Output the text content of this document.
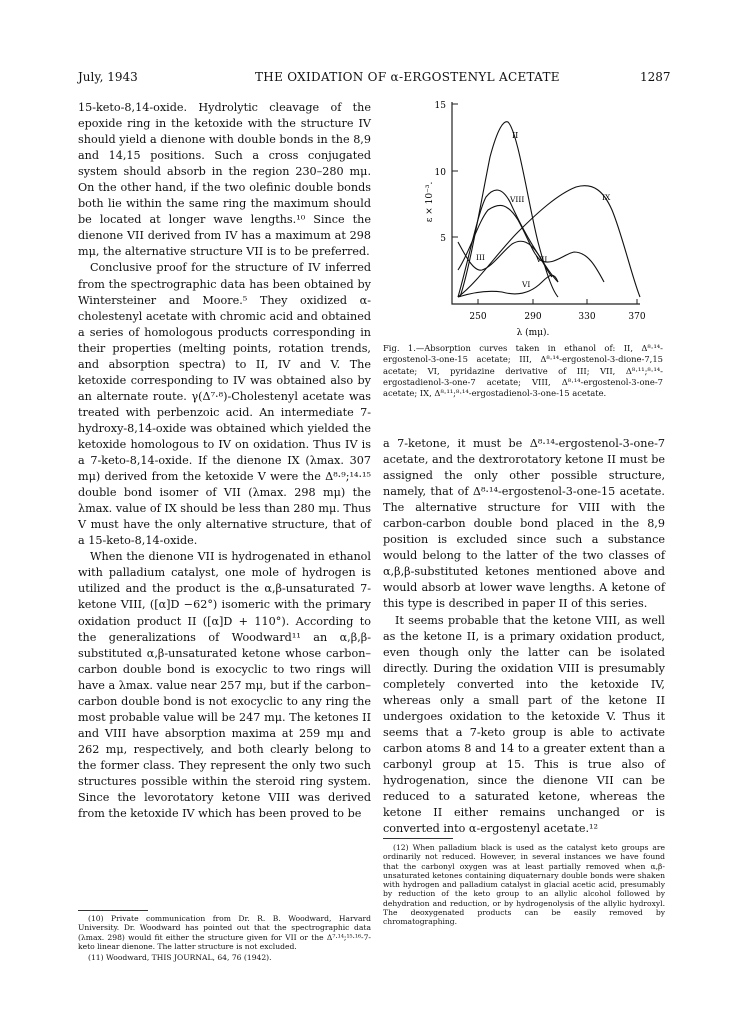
July, 1943	THE OXIDATION OF α-ERGOSTENYL ACETATE	1287

15-keto-8,14-oxide. Hydrolytic cleavage of the epoxide ring in the ketoxide with the structure IV should yield a dienone with double bonds in the 8,9 and 14,15 positions. Such a cross conjugated system should absorb in the region 230–280 mμ. On the other hand, if the two olefinic double bonds both lie within the same ring the maximum should be located at longer wave lengths.¹⁰ Since the dienone VII derived from IV has a maximum at 298 mμ, the alternative structure VII is to be preferred.

Conclusive proof for the structure of IV inferred from the spectrographic data has been obtained by Wintersteiner and Moore.⁵ They oxidized α-cholestenyl acetate with chromic acid and obtained a series of homologous products corresponding in their properties (melting points, rotation trends, and absorption spectra) to II, IV and V. The ketoxide corresponding to IV was obtained also by an alternate route. γ(Δ⁷·⁸)-Cholestenyl acetate was treated with perbenzoic acid. An intermediate 7-hydroxy-8,14-oxide was obtained which yielded the ketoxide homologous to IV on oxidation. Thus IV is a 7-keto-8,14-oxide. If the dienone IX (λmax. 307 mμ) derived from the ketoxide V were the Δ⁸·⁹;¹⁴·¹⁵ double bond isomer of VII (λmax. 298 mμ) the λmax. value of IX should be less than 280 mμ. Thus V must have the only alternative structure, that of a 15-keto-8,14-oxide.

When the dienone VII is hydrogenated in ethanol with palladium catalyst, one mole of hydrogen is utilized and the product is the α,β-unsaturated 7-ketone VIII, ([α]D −62°) isomeric with the primary oxidation product II ([α]D + 110°). According to the generalizations of Woodward¹¹ an α,β,β-substituted α,β-unsaturated ketone whose carbon–carbon double bond is exocyclic to two rings will have a λmax. value near 257 mμ, but if the carbon–carbon double bond is not exocyclic to any ring the most probable value will be 247 mμ. The ketones II and VIII have absorption maxima at 259 mμ and 262 mμ, respectively, and both clearly belong to the former class. They represent the only two such structures possible within the steroid ring system. Since the levorotatory ketone VIII was derived from the ketoxide IV which has been proved to be

(10) Private communication from Dr. R. B. Woodward, Harvard University. Dr. Woodward has pointed out that the spectrographic data (λmax. 298) would fit either the structure given for VII or the Δ⁷·¹⁴;¹⁵·¹⁶-7-keto linear dienone. The latter structure is not excluded.

(11) Woodward, THIS JOURNAL, 64, 76 (1942).

15
10
5
250	290	330	370
λ (mμ).
ε × 10⁻³.
II
VIII	IX
III	VII
VI
Fig. 1.—Absorption curves taken in ethanol of: II, Δ⁸·¹⁴-ergostenol-3-one-15 acetate; III, Δ⁸·¹⁴-ergostenol-3-dione-7,15 acetate; VI, pyridazine derivative of III; VII, Δ⁸·¹¹;⁸·¹⁴-ergostadienol-3-one-7 acetate; VIII, Δ⁸·¹⁴-ergostenol-3-one-7 acetate; IX, Δ⁸·¹¹;⁸·¹⁴-ergostadienol-3-one-15 acetate.

a 7-ketone, it must be Δ⁸·¹⁴-ergostenol-3-one-7 acetate, and the dextrorotatory ketone II must be assigned the only other possible structure, namely, that of Δ⁸·¹⁴-ergostenol-3-one-15 acetate. The alternative structure for VIII with the carbon-carbon double bond placed in the 8,9 position is excluded since such a substance would belong to the latter of the two classes of α,β,β-substituted ketones mentioned above and would absorb at lower wave lengths. A ketone of this type is described in paper II of this series.

It seems probable that the ketone VIII, as well as the ketone II, is a primary oxidation product, even though only the latter can be isolated directly. During the oxidation VIII is presumably completely converted into the ketoxide IV, whereas only a small part of the ketone II undergoes oxidation to the ketoxide V. Thus it seems that a 7-keto group is able to activate carbon atoms 8 and 14 to a greater extent than a carbonyl group at 15. This is true also of hydrogenation, since the dienone VII can be reduced to a saturated ketone, whereas the ketone II either remains unchanged or is converted into α-ergostenyl acetate.¹²

(12) When palladium black is used as the catalyst keto groups are ordinarily not reduced. However, in several instances we have found that the carbonyl oxygen was at least partially removed when α,β-unsaturated ketones containing diquaternary double bonds were shaken with hydrogen and palladium catalyst in glacial acetic acid, presumably by reduction of the keto group to an allylic alcohol followed by dehydration and reduction, or by hydrogenolysis of the allylic hydroxyl. The deoxygenated products can be easily removed by chromatographing.
